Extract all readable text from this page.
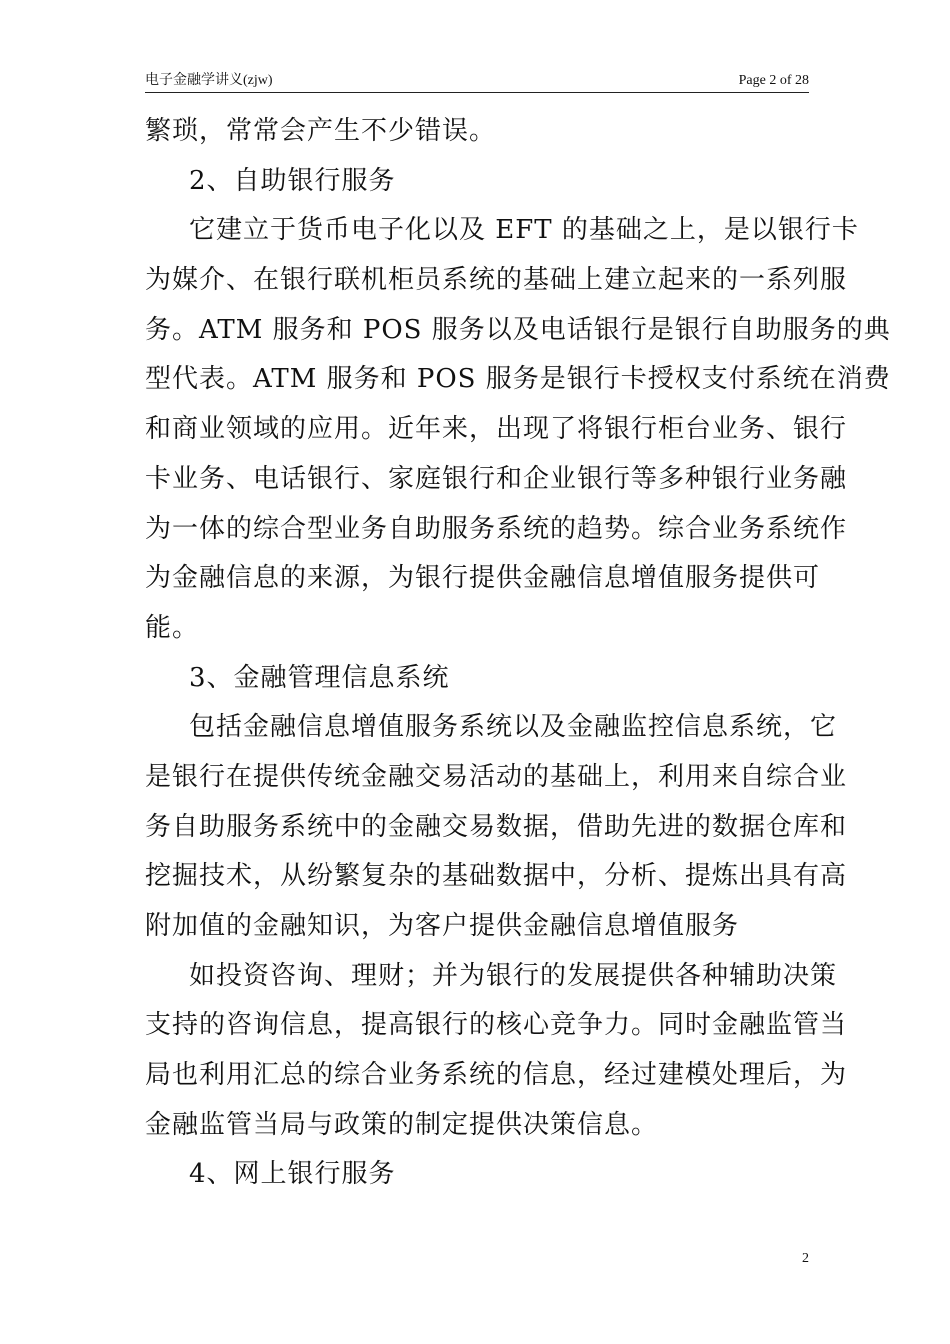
电子金融学讲义(zjw)	Page 2 of 28
繁琐，常常会产生不少错误。
2、自助银行服务
它建立于货币电子化以及 EFT 的基础之上，是以银行卡
为媒介、在银行联机柜员系统的基础上建立起来的一系列服
务。ATM 服务和 POS 服务以及电话银行是银行自助服务的典
型代表。ATM 服务和 POS 服务是银行卡授权支付系统在消费
和商业领域的应用。近年来，出现了将银行柜台业务、银行
卡业务、电话银行、家庭银行和企业银行等多种银行业务融
为一体的综合型业务自助服务系统的趋势。综合业务系统作
为金融信息的来源，为银行提供金融信息增值服务提供可
能。
3、金融管理信息系统
包括金融信息增值服务系统以及金融监控信息系统，它
是银行在提供传统金融交易活动的基础上，利用来自综合业
务自助服务系统中的金融交易数据，借助先进的数据仓库和
挖掘技术，从纷繁复杂的基础数据中，分析、提炼出具有高
附加值的金融知识，为客户提供金融信息增值服务
如投资咨询、理财；并为银行的发展提供各种辅助决策
支持的咨询信息，提高银行的核心竞争力。同时金融监管当
局也利用汇总的综合业务系统的信息，经过建模处理后，为
金融监管当局与政策的制定提供决策信息。
4、网上银行服务
2
